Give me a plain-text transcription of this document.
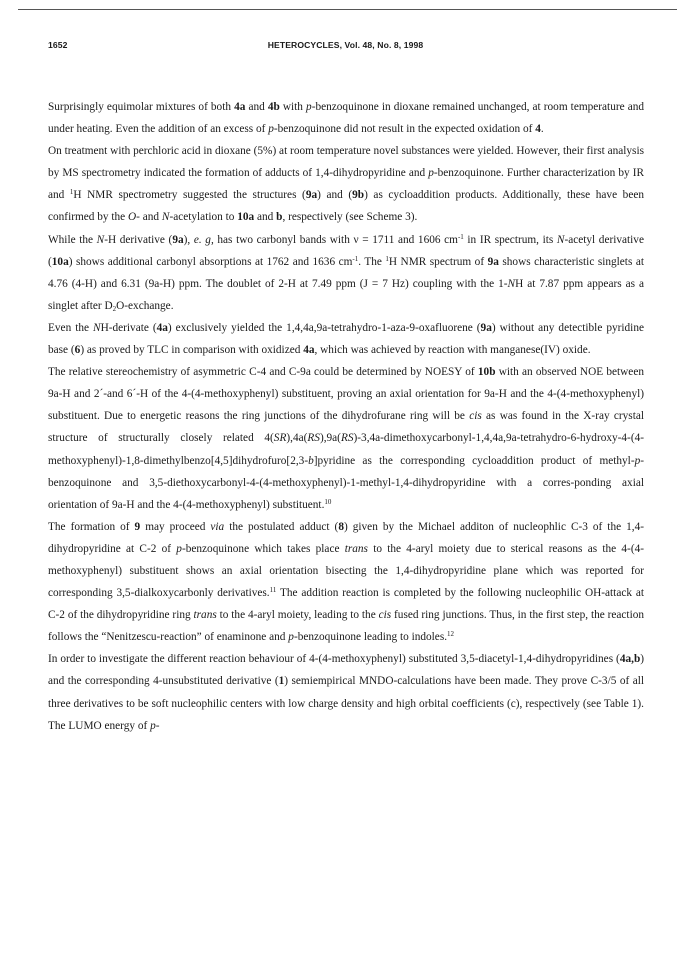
1652	HETEROCYCLES, Vol. 48, No. 8, 1998

Surprisingly equimolar mixtures of both 4a and 4b with p-benzoquinone in dioxane remained unchanged, at room temperature and under heating. Even the addition of an excess of p-benzoquinone did not result in the expected oxidation of 4.

On treatment with perchloric acid in dioxane (5%) at room temperature novel substances were yielded. However, their first analysis by MS spectrometry indicated the formation of adducts of 1,4-dihydropyridine and p-benzoquinone. Further characterization by IR and $^1$H NMR spectrometry suggested the structures (9a) and (9b) as cycloaddition products. Additionally, these have been confirmed by the O- and N-acetylation to 10a and b, respectively (see Scheme 3).

While the N-H derivative (9a), e. g, has two carbonyl bands with ν = 1711 and 1606 $cm^{-1}$ in IR spectrum, its N-acetyl derivative (10a) shows additional carbonyl absorptions at 1762 and 1636 $cm^{-1}$. The $^1$H NMR spectrum of 9a shows characteristic singlets at 4.76 (4-H) and 6.31 (9a-H) ppm. The doublet of 2-H at 7.49 ppm (J = 7 Hz) coupling with the 1-NH at 7.87 ppm appears as a singlet after $D_2O$-exchange.

Even the NH-derivate (4a) exclusively yielded the 1,4,4a,9a-tetrahydro-1-aza-9-oxafluorene (9a) without any detectible pyridine base (6) as proved by TLC in comparison with oxidized 4a, which was achieved by reaction with manganese(IV) oxide.

The relative stereochemistry of asymmetric C-4 and C-9a could be determined by NOESY of 10b with an observed NOE between 9a-H and 2´-and 6´-H of the 4-(4-methoxyphenyl) substituent, proving an axial orientation for 9a-H and the 4-(4-methoxyphenyl) substituent. Due to energetic reasons the ring junctions of the dihydrofurane ring will be cis as was found in the X-ray crystal structure of structurally closely related 4(SR),4a(RS),9a(RS)-3,4a-dimethoxycarbonyl-1,4,4a,9a-tetrahydro-6-hydroxy-4-(4-methoxyphenyl)-1,8-dimethylbenzo[4,5]dihydrofuro[2,3-b]pyridine as the corresponding cycloaddition product of methyl-p-benzoquinone and 3,5-diethoxycarbonyl-4-(4-methoxyphenyl)-1-methyl-1,4-dihydropyridine with a corres-ponding axial orientation of 9a-H and the 4-(4-methoxyphenyl) substituent.$^{10}$

The formation of 9 may proceed via the postulated adduct (8) given by the Michael additon of nucleophlic C-3 of the 1,4-dihydropyridine at C-2 of p-benzoquinone which takes place trans to the 4-aryl moiety due to sterical reasons as the 4-(4-methoxyphenyl) substituent shows an axial orientation bisecting the 1,4-dihydropyridine plane which was reported for corresponding 3,5-dialkoxycarbonly derivatives.$^{11}$ The addition reaction is completed by the following nucleophilic OH-attack at C-2 of the dihydropyridine ring trans to the 4-aryl moiety, leading to the cis fused ring junctions. Thus, in the first step, the reaction follows the “Nenitzescu-reaction” of enaminone and p-benzoquinone leading to indoles.$^{12}$

In order to investigate the different reaction behaviour of 4-(4-methoxyphenyl) substituted 3,5-diacetyl-1,4-dihydropyridines (4a,b) and the corresponding 4-unsubstituted derivative (1) semiempirical MNDO-calculations have been made. They prove C-3/5 of all three derivatives to be soft nucleophilic centers with low charge density and high orbital coefficients (c), respectively (see Table 1). The LUMO energy of p-
